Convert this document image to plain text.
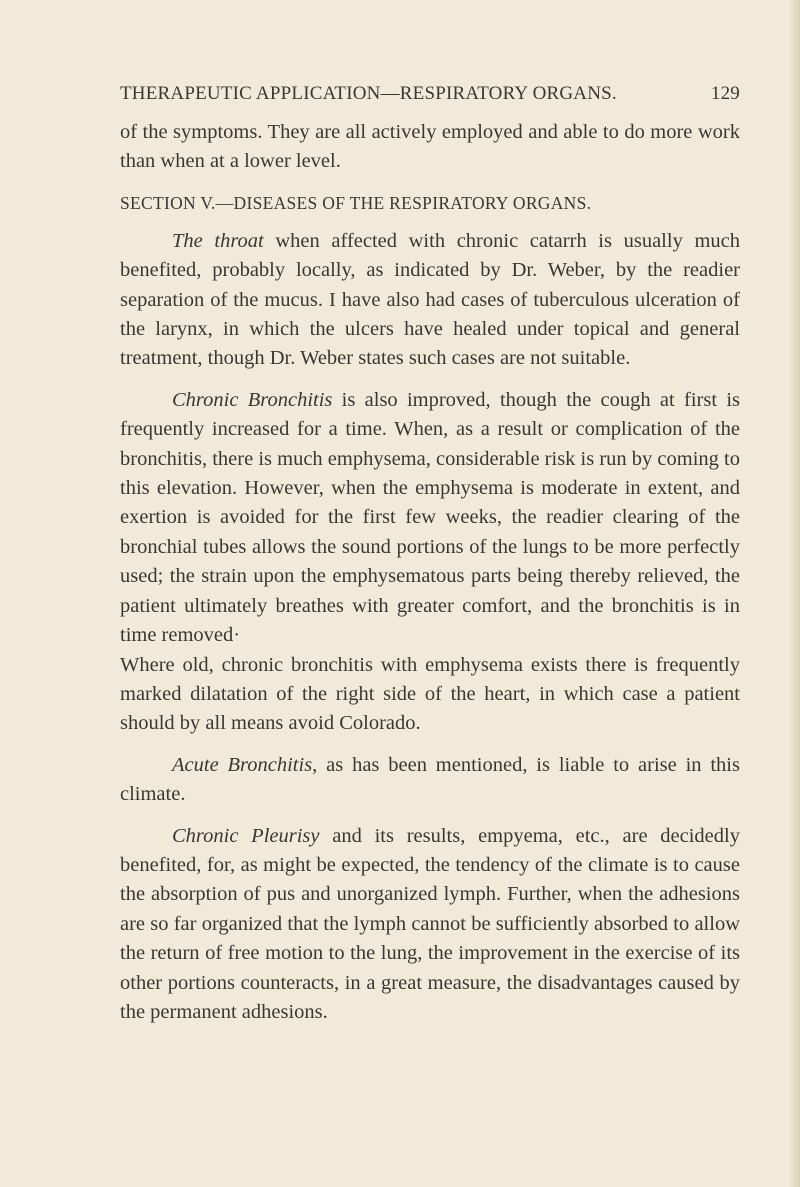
THERAPEUTIC APPLICATION—RESPIRATORY ORGANS.	129

of the symptoms. They are all actively employed and able to do more work than when at a lower level.

SECTION V.—DISEASES OF THE RESPIRATORY ORGANS.

The throat when affected with chronic catarrh is usually much benefited, probably locally, as indicated by Dr. Weber, by the readier separation of the mucus. I have also had cases of tuberculous ulceration of the larynx, in which the ulcers have healed under topical and general treatment, though Dr. Weber states such cases are not suitable.

Chronic Bronchitis is also improved, though the cough at first is frequently increased for a time. When, as a result or complication of the bronchitis, there is much emphysema, considerable risk is run by coming to this elevation. However, when the emphysema is moderate in extent, and exertion is avoided for the first few weeks, the readier clearing of the bronchial tubes allows the sound portions of the lungs to be more perfectly used; the strain upon the emphysematous parts being thereby relieved, the patient ultimately breathes with greater comfort, and the bronchitis is in time removed·

Where old, chronic bronchitis with emphysema exists there is frequently marked dilatation of the right side of the heart, in which case a patient should by all means avoid Colorado.

Acute Bronchitis, as has been mentioned, is liable to arise in this climate.

Chronic Pleurisy and its results, empyema, etc., are decidedly benefited, for, as might be expected, the tendency of the climate is to cause the absorption of pus and unorganized lymph. Further, when the adhesions are so far organized that the lymph cannot be sufficiently absorbed to allow the return of free motion to the lung, the improvement in the exercise of its other portions counteracts, in a great measure, the disadvantages caused by the permanent adhesions.
